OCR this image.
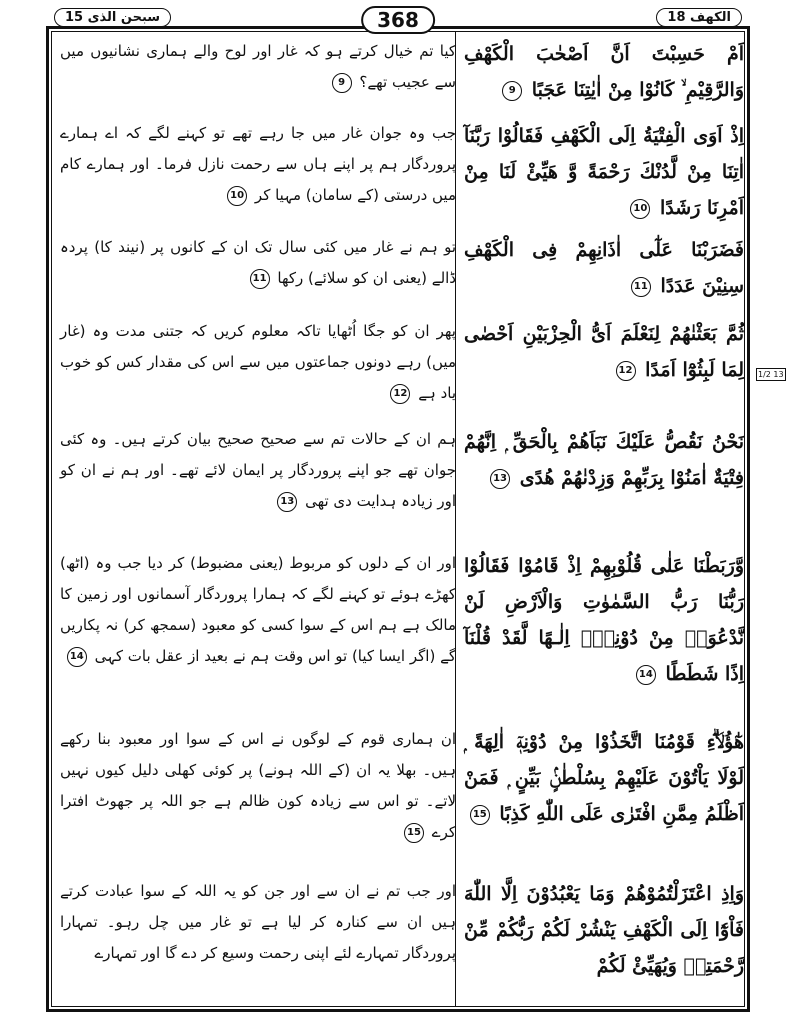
سبحن الذی 15	368	الکھف 18
1/2 13
اَمْ حَسِبْتَ اَنَّ اَصْحٰبَ الْكَهْفِ وَالرَّقِيْمِ ۙ كَانُوْا مِنْ اٰيٰتِنَا عَجَبًا 9
کیا تم خیال کرتے ہو کہ غار اور لوح والے ہماری نشانیوں میں سے عجیب تھے؟ 9
اِذْ اَوَى الْفِتْيَةُ اِلَى الْكَهْفِ فَقَالُوْا رَبَّنَآ اٰتِنَا مِنْ لَّدُنْكَ رَحْمَةً وَّ هَيِّئْ لَنَا مِنْ اَمْرِنَا رَشَدًا 10
جب وہ جوان غار میں جا رہے تھے تو کہنے لگے کہ اے ہمارے پروردگار ہم پر اپنے ہاں سے رحمت نازل فرما۔ اور ہمارے کام میں درستی (کے سامان) مہیا کر 10
فَضَرَبْنَا عَلٰٓى اٰذَانِهِمْ فِى الْكَهْفِ سِنِيْنَ عَدَدًا 11
تو ہم نے غار میں کئی سال تک ان کے کانوں پر (نیند کا) پردہ ڈالے (یعنی ان کو سلائے) رکھا 11
ثُمَّ بَعَثْنٰهُمْ لِنَعْلَمَ اَىُّ الْحِزْبَيْنِ اَحْصٰى لِمَا لَبِثُوْٓا اَمَدًا 12
پھر ان کو جگا اُٹھایا تاکہ معلوم کریں کہ جتنی مدت وہ (غار میں) رہے دونوں جماعتوں میں سے اس کی مقدار کس کو خوب یاد ہے 12
نَحْنُ نَقُصُّ عَلَيْكَ نَبَاَهُمْ بِالْحَقِّ ۭ اِنَّهُمْ فِتْيَةٌ اٰمَنُوْا بِرَبِّهِمْ وَزِدْنٰهُمْ هُدًى 13
ہم ان کے حالات تم سے صحیح صحیح بیان کرتے ہیں۔ وہ کئی جوان تھے جو اپنے پروردگار پر ایمان لائے تھے۔ اور ہم نے ان کو اور زیادہ ہدایت دی تھی 13
وَّرَبَطْنَا عَلٰى قُلُوْبِهِمْ اِذْ قَامُوْا فَقَالُوْا رَبُّنَا رَبُّ السَّمٰوٰتِ وَالْاَرْضِ لَنْ نَّدْعُوَا۟ مِنْ دُوْنِهٖٓ اِلٰـهًا لَّقَدْ قُلْنَآ اِذًا شَطَطًا 14
اور ان کے دلوں کو مربوط (یعنی مضبوط) کر دیا جب وہ (اٹھ) کھڑے ہوئے تو کہنے لگے کہ ہمارا پروردگار آسمانوں اور زمین کا مالک ہے ہم اس کے سوا کسی کو معبود (سمجھ کر) نہ پکاریں گے (اگر ایسا کیا) تو اس وقت ہم نے بعید از عقل بات کہی 14
هٰٓؤُلَاۗءِ قَوْمُنَا اتَّخَذُوْا مِنْ دُوْنِهٖٓ اٰلِهَةً ۭ لَوْلَا يَاْتُوْنَ عَلَيْهِمْ بِسُلْطٰنٍۢ بَيِّنٍ ۭ فَمَنْ اَظْلَمُ مِمَّنِ افْتَرٰى عَلَى اللّٰهِ كَذِبًا 15
ان ہماری قوم کے لوگوں نے اس کے سوا اور معبود بنا رکھے ہیں۔ بھلا یہ ان (کے اللہ ہونے) پر کوئی کھلی دلیل کیوں نہیں لاتے۔ تو اس سے زیادہ کون ظالم ہے جو اللہ پر جھوٹ افترا کرے 15
وَاِذِ اعْتَزَلْتُمُوْهُمْ وَمَا يَعْبُدُوْنَ اِلَّا اللّٰهَ فَاْوٗٓا اِلَى الْكَهْفِ يَنْشُرْ لَكُمْ رَبُّكُمْ مِّنْ رَّحْمَتِهٖ وَيُهَيِّئْ لَكُمْ
اور جب تم نے ان سے اور جن کو یہ اللہ کے سوا عبادت کرتے ہیں ان سے کنارہ کر لیا ہے تو غار میں چل رہو۔ تمہارا پروردگار تمہارے لئے اپنی رحمت وسیع کر دے گا اور تمہارے
